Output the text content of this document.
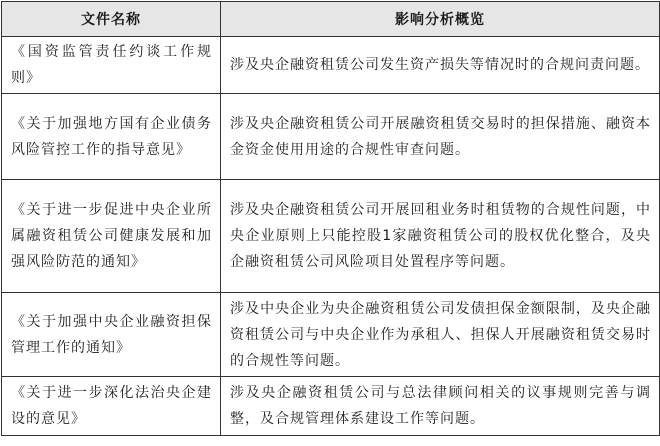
文件名称	影响分析概览
《国资监管责任约谈工作规则》	涉及央企融资租赁公司发生资产损失等情况时的合规问责问题。
《关于加强地方国有企业债务风险管控工作的指导意见》	涉及央企融资租赁公司开展融资租赁交易时的担保措施、融资本金资金使用用途的合规性审查问题。
《关于进一步促进中央企业所属融资租赁公司健康发展和加强风险防范的通知》	涉及央企融资租赁公司开展回租业务时租赁物的合规性问题，中央企业原则上只能控股1家融资租赁公司的股权优化整合，及央企融资租赁公司风险项目处置程序等问题。
《关于加强中央企业融资担保管理工作的通知》	涉及中央企业为央企融资租赁公司发债担保金额限制，及央企融资租赁公司与中央企业作为承租人、担保人开展融资租赁交易时的合规性等问题。
《关于进一步深化法治央企建设的意见》	涉及央企融资租赁公司与总法律顾问相关的议事规则完善与调整，及合规管理体系建设工作等问题。
